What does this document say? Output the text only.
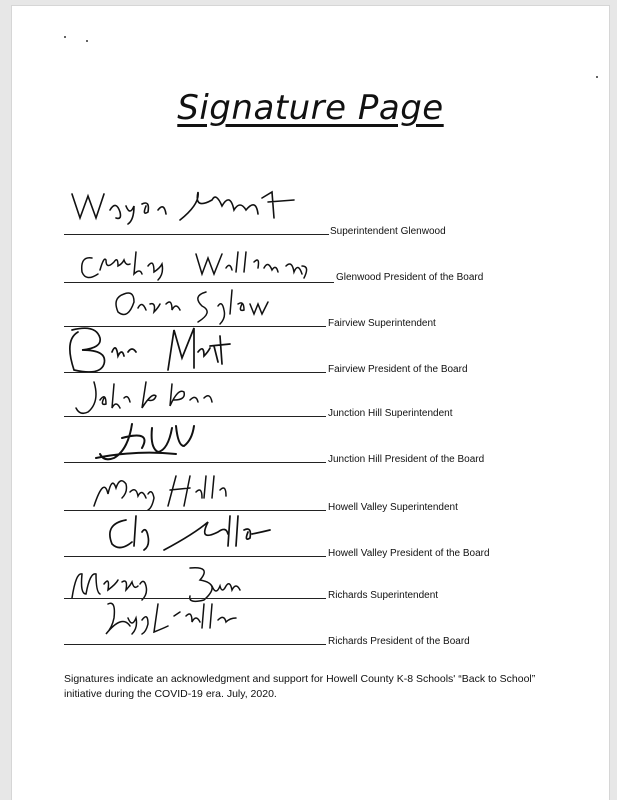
Signature Page
Superintendent Glenwood
Glenwood President of the Board
Fairview Superintendent
Fairview President of the Board
Junction Hill Superintendent
Junction Hill President of the Board
Howell Valley Superintendent
Howell Valley President of the Board
Richards Superintendent
Richards President of the Board
Signatures indicate an acknowledgment and support for Howell County K-8 Schools' “Back to School” initiative during the COVID-19 era. July, 2020.
